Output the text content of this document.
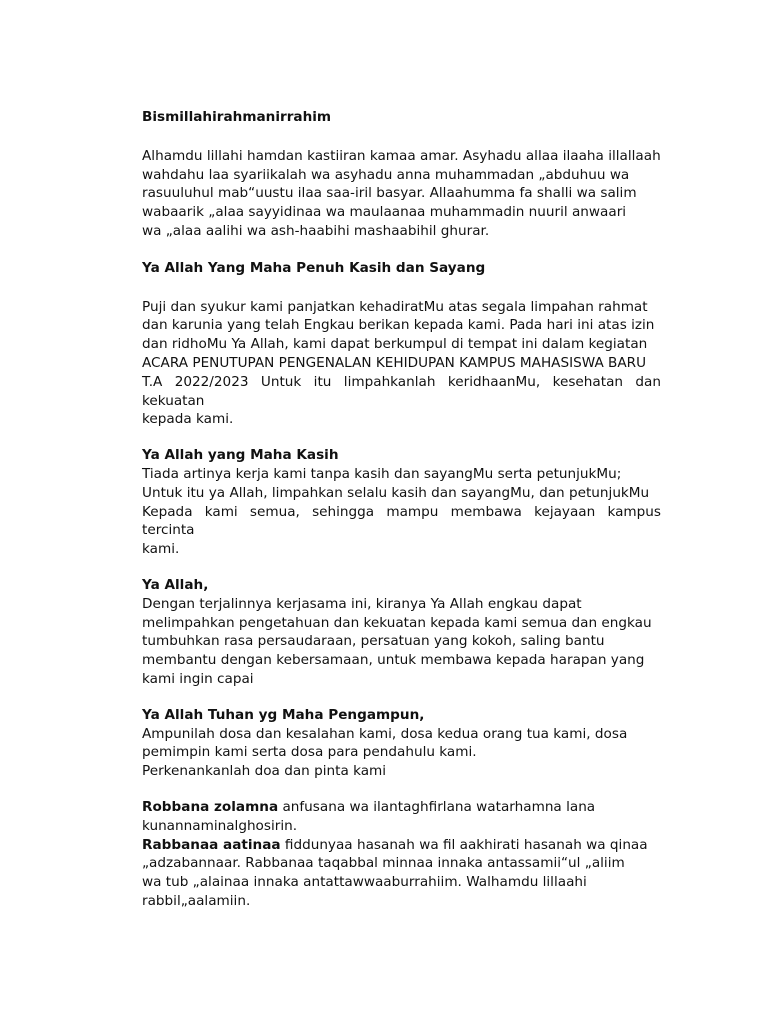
Bismillahirahmanirrahim

Alhamdu lillahi hamdan kastiiran kamaa amar. Asyhadu allaa ilaaha illallaah

wahdahu laa syariikalah wa asyhadu anna muhammadan „abduhuu wa

rasuuluhul mab“uustu ilaa saa-iril basyar. Allaahumma fa shalli wa salim

wabaarik „alaa sayyidinaa wa maulaanaa muhammadin nuuril anwaari

wa „alaa aalihi wa ash-haabihi mashaabihil ghurar.

Ya Allah Yang Maha Penuh Kasih dan Sayang

Puji dan syukur kami panjatkan kehadiratMu atas segala limpahan rahmat

dan karunia yang telah Engkau berikan kepada kami. Pada hari ini atas izin

dan ridhoMu Ya Allah, kami dapat berkumpul di tempat ini dalam kegiatan

ACARA PENUTUPAN PENGENALAN KEHIDUPAN KAMPUS MAHASISWA BARU

T.A 2022/2023 Untuk itu limpahkanlah keridhaanMu, kesehatan dan kekuatan

kepada kami.

Ya Allah yang Maha Kasih

Tiada artinya kerja kami tanpa kasih dan sayangMu serta petunjukMu;

Untuk itu ya Allah, limpahkan selalu kasih dan sayangMu, dan petunjukMu

Kepada kami semua, sehingga mampu membawa kejayaan kampus tercinta

kami.

Ya Allah,

Dengan terjalinnya kerjasama ini, kiranya Ya Allah engkau dapat

melimpahkan pengetahuan dan kekuatan kepada kami semua dan engkau

tumbuhkan rasa persaudaraan, persatuan yang kokoh, saling bantu

membantu dengan kebersamaan, untuk membawa kepada harapan yang

kami ingin capai

Ya Allah Tuhan yg Maha Pengampun,

Ampunilah dosa dan kesalahan kami, dosa kedua orang tua kami, dosa

pemimpin kami serta dosa para pendahulu kami.

Perkenankanlah doa dan pinta kami

Robbana zolamna anfusana wa ilantaghfirlana watarhamna lana

kunannaminalghosirin.

Rabbanaa aatinaa fiddunyaa hasanah wa fil aakhirati hasanah wa qinaa

„adzabannaar. Rabbanaa taqabbal minnaa innaka antassamii“ul „aliim

wa tub „alainaa innaka antattawwaaburrahiim. Walhamdu lillaahi

rabbil„aalamiin.
